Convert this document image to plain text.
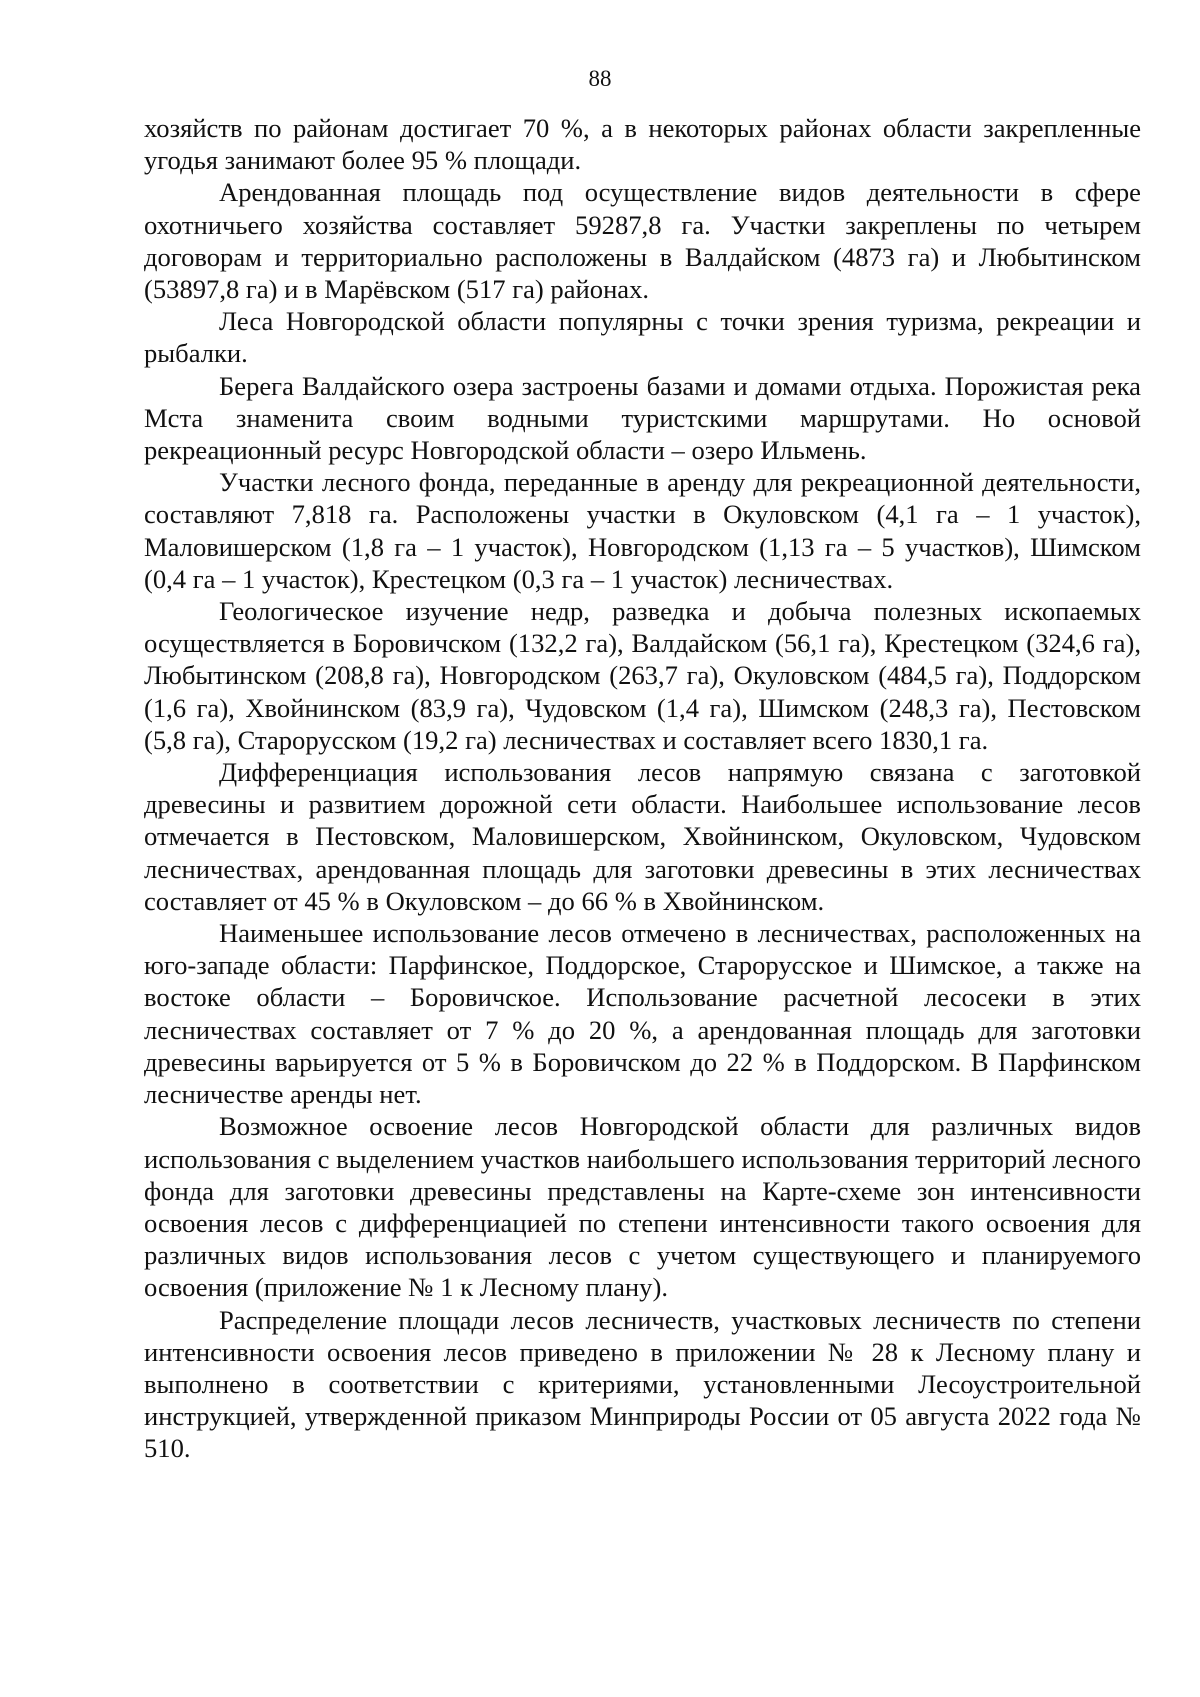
88

хозяйств по районам достигает 70 %, а в некоторых районах области закрепленные угодья занимают более 95 % площади.

Арендованная площадь под осуществление видов деятельности в сфере охотничьего хозяйства составляет 59287,8 га. Участки закреплены по четырем договорам и территориально расположены в Валдайском (4873 га) и Любытинском (53897,8 га) и в Марёвском (517 га) районах.

Леса Новгородской области популярны с точки зрения туризма, рекреации и рыбалки.

Берега Валдайского озера застроены базами и домами отдыха. Порожистая река Мста знаменита своим водными туристскими маршрутами. Но основой рекреационный ресурс Новгородской области – озеро Ильмень.

Участки лесного фонда, переданные в аренду для рекреационной деятельности, составляют 7,818 га. Расположены участки в Окуловском (4,1 га – 1 участок), Маловишерском (1,8 га – 1 участок), Новгородском (1,13 га – 5 участков), Шимском (0,4 га – 1 участок), Крестецком (0,3 га – 1 участок) лесничествах.

Геологическое изучение недр, разведка и добыча полезных ископаемых осуществляется в Боровичском (132,2 га), Валдайском (56,1 га), Крестецком (324,6 га), Любытинском (208,8 га), Новгородском (263,7 га), Окуловском (484,5 га), Поддорском (1,6 га), Хвойнинском (83,9 га), Чудовском (1,4 га), Шимском (248,3 га), Пестовском (5,8 га), Старорусском (19,2 га) лесничествах и составляет всего 1830,1 га.

Дифференциация использования лесов напрямую связана с заготовкой древесины и развитием дорожной сети области. Наибольшее использование лесов отмечается в Пестовском, Маловишерском, Хвойнинском, Окуловском, Чудовском лесничествах, арендованная площадь для заготовки древесины в этих лесничествах составляет от 45 % в Окуловском – до 66 % в Хвойнинском.

Наименьшее использование лесов отмечено в лесничествах, расположенных на юго-западе области: Парфинское, Поддорское, Старорусское и Шимское, а также на востоке области – Боровичское. Использование расчетной лесосеки в этих лесничествах составляет от 7 % до 20 %, а арендованная площадь для заготовки древесины варьируется от 5 % в Боровичском до 22 % в Поддорском. В Парфинском лесничестве аренды нет.

Возможное освоение лесов Новгородской области для различных видов использования с выделением участков наибольшего использования территорий лесного фонда для заготовки древесины представлены на Карте-схеме зон интенсивности освоения лесов с дифференциацией по степени интенсивности такого освоения для различных видов использования лесов с учетом существующего и планируемого освоения (приложение № 1 к Лесному плану).

Распределение площади лесов лесничеств, участковых лесничеств по степени интенсивности освоения лесов приведено в приложении № 28 к Лесному плану и выполнено в соответствии с критериями, установленными Лесоустроительной инструкцией, утвержденной приказом Минприроды России от 05 августа 2022 года № 510.
